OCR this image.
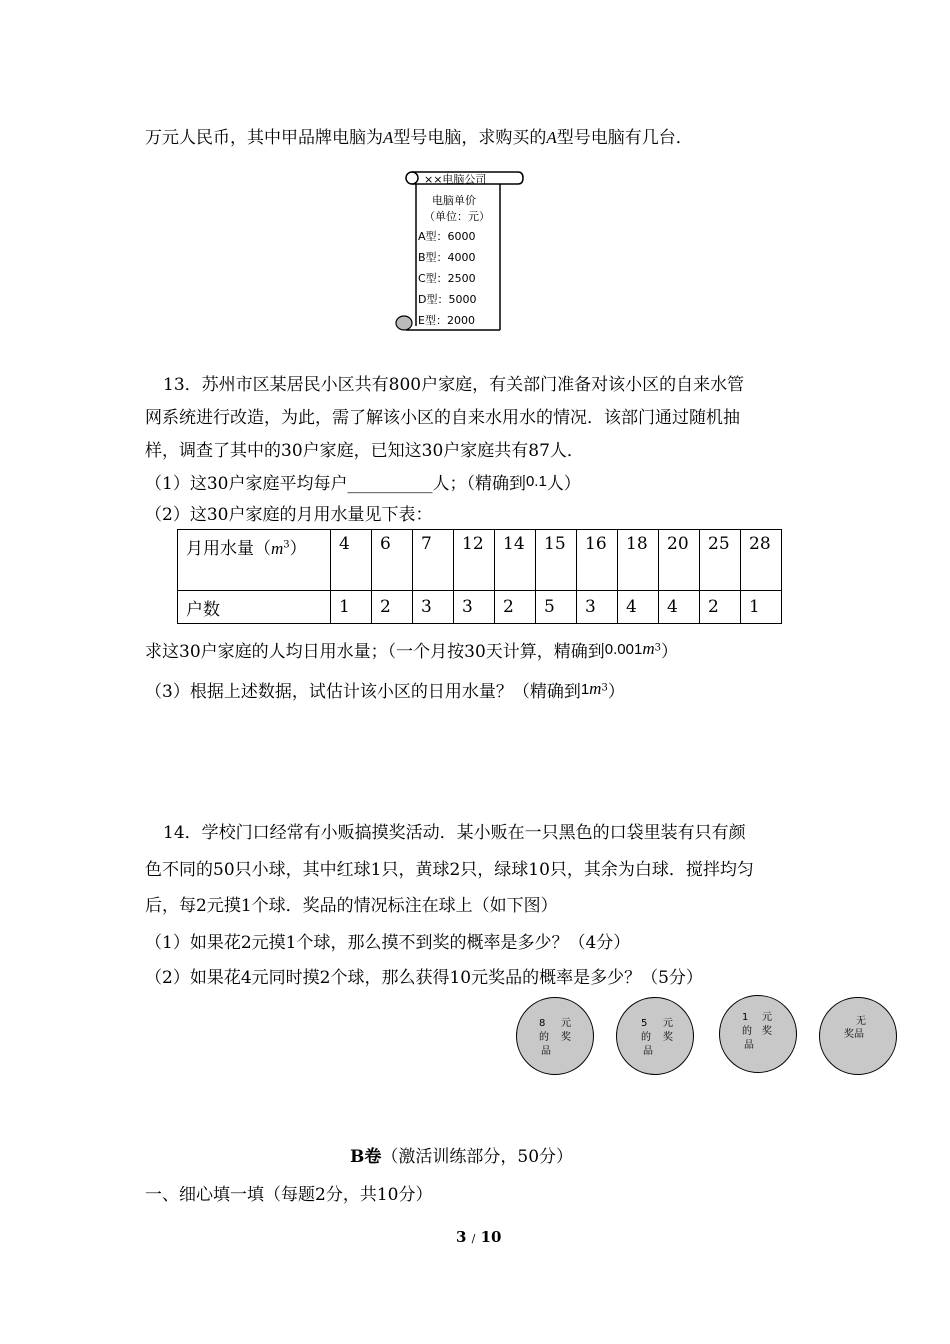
万元人民币，其中甲品牌电脑为A型号电脑，求购买的A型号电脑有几台．
××电脑公司
电脑单价
（单位：元）
A型：6000
B型：4000
C型：2500
D型：5000
E型：2000
13．苏州市区某居民小区共有800户家庭，有关部门准备对该小区的自来水管
网系统进行改造，为此，需了解该小区的自来水用水的情况．该部门通过随机抽
样，调查了其中的30户家庭，已知这30户家庭共有87人．
（1）这30户家庭平均每户__________人；（精确到0.1人）
（2）这30户家庭的月用水量见下表：
月用水量$(m^3)$	4	6	7	12	14	15	16	18	20	25	28
户数	1	2	3	3	2	5	3	4	4	2	1
求这30户家庭的人均日用水量；（一个月按30天计算，精确到$0.001m^3$）
（3）根据上述数据，试估计该小区的日用水量？（精确到$1m^3$）
14．学校门口经常有小贩搞摸奖活动．某小贩在一只黑色的口袋里装有只有颜
色不同的50只小球，其中红球1只，黄球2只，绿球10只，其余为白球．搅拌均匀
后，每2元摸1个球．奖品的情况标注在球上（如下图）
（1）如果花2元摸1个球，那么摸不到奖的概率是多少？（4分）
（2）如果花4元同时摸2个球，那么获得10元奖品的概率是多少？（5分）
8 元
的 奖
品
5 元
的 奖
品
1 元
的 奖
品
无
奖品
B卷（激活训练部分，50分）
一、细心填一填（每题2分，共10分）
3 / 10
